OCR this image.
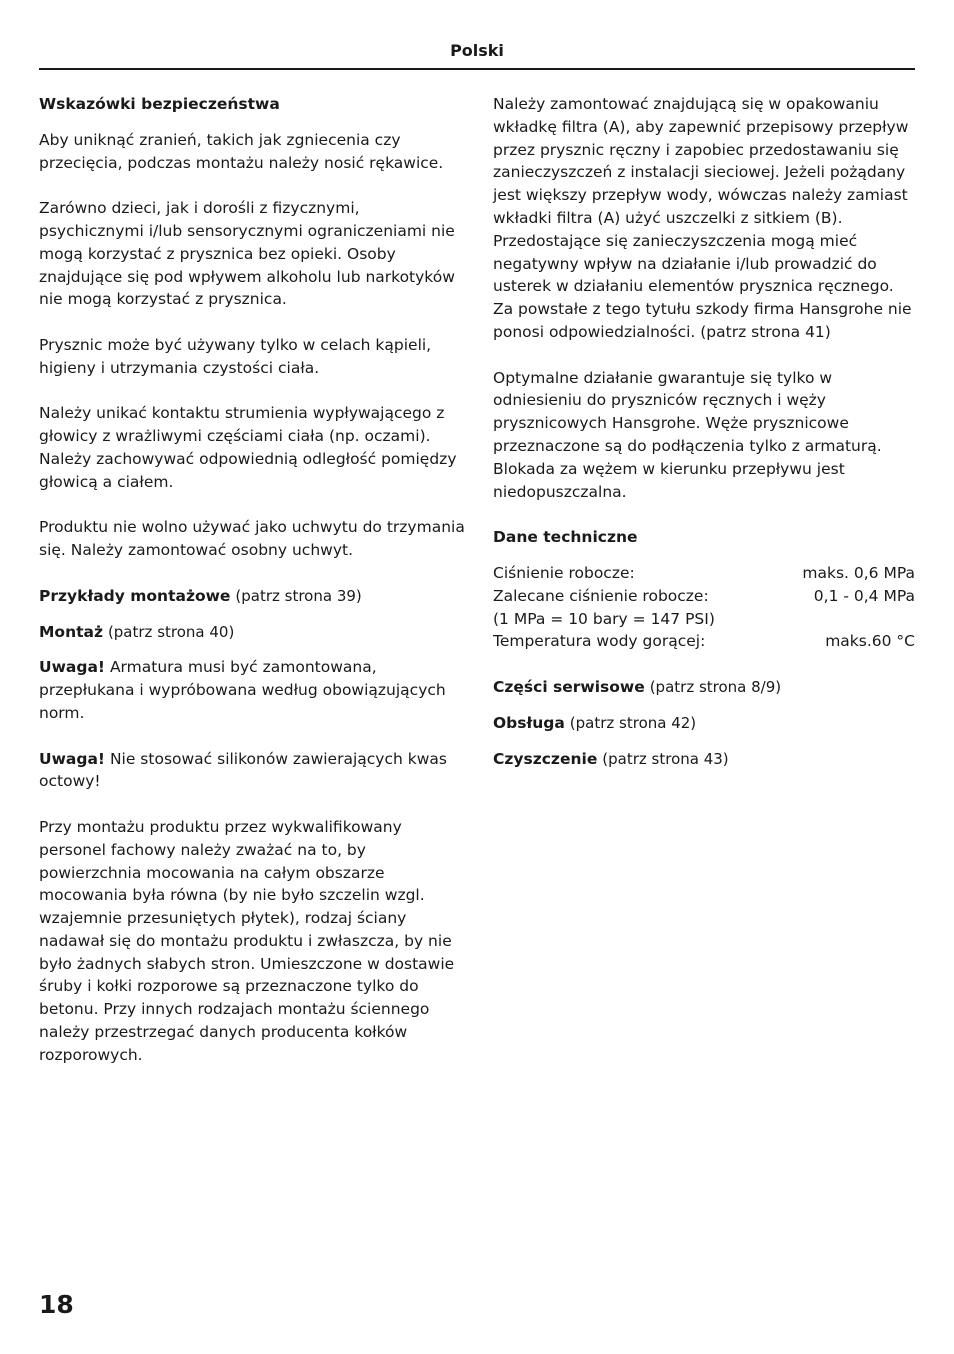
Polski

Wskazówki bezpieczeństwa

Aby uniknąć zranień, takich jak zgniecenia czy przecięcia, podczas montażu należy nosić rękawice.

Zarówno dzieci, jak i dorośli z fizycznymi, psychicznymi i/lub sensorycznymi ograniczeniami nie mogą korzystać z prysznica bez opieki. Osoby znajdujące się pod wpływem alkoholu lub narkotyków nie mogą korzystać z prysznica.

Prysznic może być używany tylko w celach kąpieli, higieny i utrzymania czystości ciała.

Należy unikać kontaktu strumienia wypływającego z głowicy z wrażliwymi częściami ciała (np. oczami). Należy zachowywać odpowiednią odległość pomiędzy głowicą a ciałem.

Produktu nie wolno używać jako uchwytu do trzymania się. Należy zamontować osobny uchwyt.

Przykłady montażowe (patrz strona 39)

Montaż (patrz strona 40)

Uwaga! Armatura musi być zamontowana, przepłukana i wypróbowana według obowiązujących norm.

Uwaga! Nie stosować silikonów zawierających kwas octowy!

Przy montażu produktu przez wykwalifikowany personel fachowy należy zważać na to, by powierzchnia mocowania na całym obszarze mocowania była równa (by nie było szczelin wzgl. wzajemnie przesuniętych płytek), rodzaj ściany nadawał się do montażu produktu i zwłaszcza, by nie było żadnych słabych stron. Umieszczone w dostawie śruby i kołki rozporowe są przeznaczone tylko do betonu. Przy innych rodzajach montażu ściennego należy przestrzegać danych producenta kołków rozporowych.

Należy zamontować znajdującą się w opakowaniu wkładkę filtra (A), aby zapewnić przepisowy przepływ przez prysznic ręczny i zapobiec przedostawaniu się zanieczyszczeń z instalacji sieciowej. Jeżeli pożądany jest większy przepływ wody, wówczas należy zamiast wkładki filtra (A) użyć uszczelki z sitkiem (B). Przedostające się zanieczyszczenia mogą mieć negatywny wpływ na działanie i/lub prowadzić do usterek w działaniu elementów prysznica ręcznego. Za powstałe z tego tytułu szkody firma Hansgrohe nie ponosi odpowiedzialności. (patrz strona 41)

Optymalne działanie gwarantuje się tylko w odniesieniu do pryszniców ręcznych i węży prysznicowych Hansgrohe. Węże prysznicowe przeznaczone są do podłączenia tylko z armaturą. Blokada za wężem w kierunku przepływu jest niedopuszczalna.

Dane techniczne

Ciśnienie robocze:	maks. 0,6 MPa
Zalecane ciśnienie robocze:	0,1 - 0,4 MPa
(1 MPa = 10 bary = 147 PSI)
Temperatura wody gorącej:	maks.60 °C

Części serwisowe (patrz strona 8/9)

Obsługa (patrz strona 42)

Czyszczenie (patrz strona 43)

18
